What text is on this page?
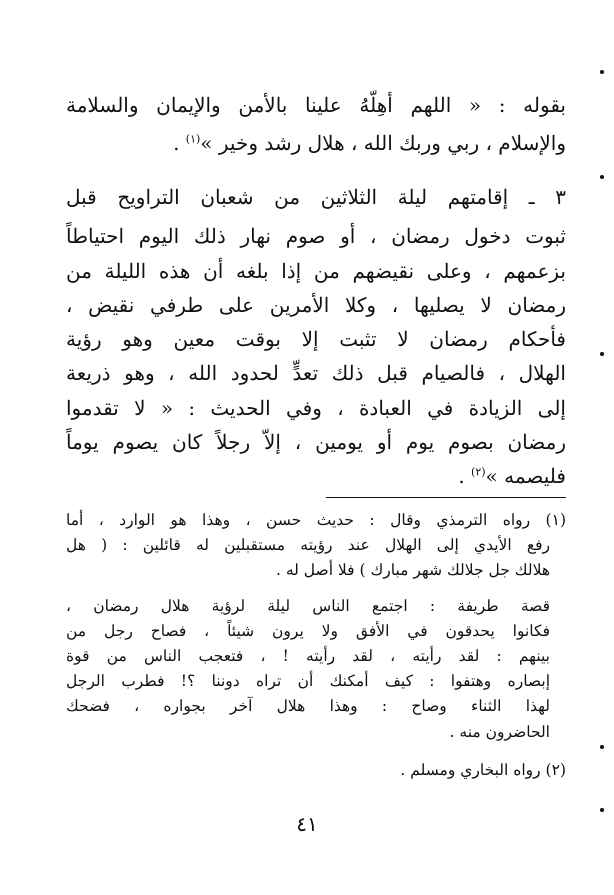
بقوله : « اللهم أهِلَّهُ علينا بالأمن والإيمان والسلامة
والإسلام ، ربي وربك الله ، هلال رشد وخير »$^{(١)}$ .
٣ ـ إقامتهم ليلة الثلاثين من شعبان التراويح قبل
ثبوت دخول رمضان ، أو صوم نهار ذلك اليوم احتياطاً
بزعمهم ، وعلى نقيضهم من إذا بلغه أن هذه الليلة من
رمضان لا يصليها ، وكلا الأمرين على طرفي نقيض ،
فأحكام رمضان لا تثبت إلا بوقت معين وهو رؤية
الهلال ، فالصيام قبل ذلك تعدٍّ لحدود الله ، وهو ذريعة
إلى الزيادة في العبادة ، وفي الحديث : « لا تقدموا
رمضان بصوم يوم أو يومين ، إلاّ رجلاً كان يصوم يوماً
فليصمه »$^{(٢)}$ .
(١) رواه الترمذي وقال : حديث حسن ، وهذا هو الوارد ، أما
رفع الأيدي إلى الهلال عند رؤيته مستقبلين له قائلين : ( هل
هلالك جل جلالك شهر مبارك ) فلا أصل له .
قصة طريفة : اجتمع الناس ليلة لرؤية هلال رمضان ،
فكانوا يحدقون في الأفق ولا يرون شيئاً ، فصاح رجل من
بينهم : لقد رأيته ، لقد رأيته ! ، فتعجب الناس من قوة
إبصاره وهتفوا : كيف أمكنك أن تراه دوننا ؟! فطرب الرجل
لهذا الثناء وصاح : وهذا هلال آخر بجواره ، فضحك
الحاضرون منه .
(٢) رواه البخاري ومسلم .
٤١
